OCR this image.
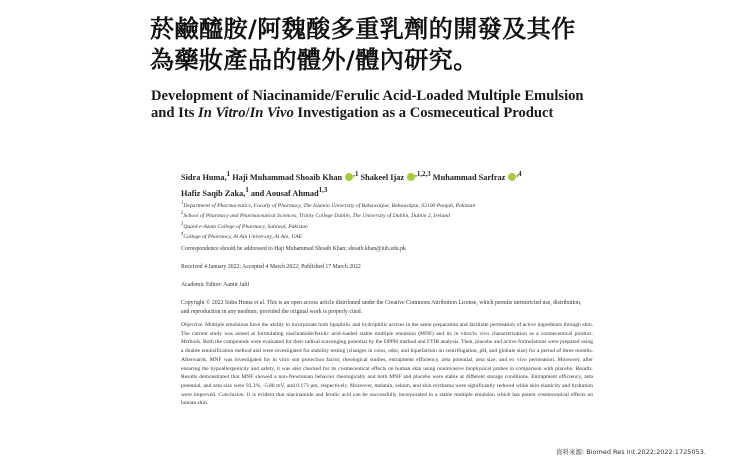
菸鹼醯胺/阿魏酸多重乳劑的開發及其作
為藥妝產品的體外/體內研究。
Development of Niacinamide/Ferulic Acid-Loaded Multiple Emulsion and Its In Vitro/In Vivo Investigation as a Cosmeceutical Product
Sidra Huma,$^1$ Haji Muhammad Shoaib Khan $^{,1}$ Shakeel Ijaz $^{,1,2,3}$ Muhammad Sarfraz $^{,4}$
Hafiz Saqib Zaka,$^1$ and Aousaf Ahmad$^{1,3}$
$^1$Department of Pharmaceutics, Faculty of Pharmacy, The Islamia University of Bahawalpur, Bahawalpur, 63100 Punjab, Pakistan
$^2$School of Pharmacy and Pharmaceutical Sciences, Trinity College Dublin, The University of Dublin, Dublin 2, Ireland
$^3$Quaid-e-Azam College of Pharmacy, Sahiwal, Pakistan
$^4$College of Pharmacy, Al Ain University, Al Ain, UAE
Correspondence should be addressed to Haji Muhammad Shoaib Khan; shoaib.khan@iub.edu.pk
Received 4 January 2022; Accepted 4 March 2022; Published 17 March 2022
Academic Editor: Aamir Jalil
Copyright © 2022 Sidra Huma et al. This is an open access article distributed under the Creative Commons Attribution License, which permits unrestricted use, distribution, and reproduction in any medium, provided the original work is properly cited.
Objective. Multiple emulsions have the ability to incorporate both lipophilic and hydrophilic actives in the same preparation and facilitate permeation of active ingredients through skin. The current study was aimed at formulating niacinamide/ferulic acid-loaded stable multiple emulsion (MNF) and its in vitro/in vivo characterization as a cosmeceutical product. Methods. Both the compounds were evaluated for their radical scavenging potential by the DPPH method and FTIR analysis. Then, placebo and active formulations were prepared using a double emulsification method and were investigated for stability testing (changes in color, odor, and liquefaction on centrifugation, pH, and globule size) for a period of three months. Afterwards, MNF was investigated for in vitro sun protection factor, rheological studies, entrapment efficiency, zeta potential, zeta size, and ex vivo permeation. Moreover, after ensuring the hypoallergenicity and safety, it was also checked for its cosmeceutical effects on human skin using noninvasive biophysical probes in comparison with placebo. Results. Results demonstrated that MNF showed a non-Newtonian behavior rheologically and both MNF and placebo were stable at different storage conditions. Entrapment efficiency, zeta potential, and zeta size were 93.3%, -5.88 mV, and 0.173 μm, respectively. Moreover, melanin, sebum, and skin erythema were significantly reduced while skin elasticity and hydration were improved. Conclusion. It is evident that niacinamide and ferulic acid can be successfully incorporated in a stable multiple emulsion which has potent cosmeceutical effects on human skin.
資料來源: Biomed Res Int.2022;2022:1725053.
